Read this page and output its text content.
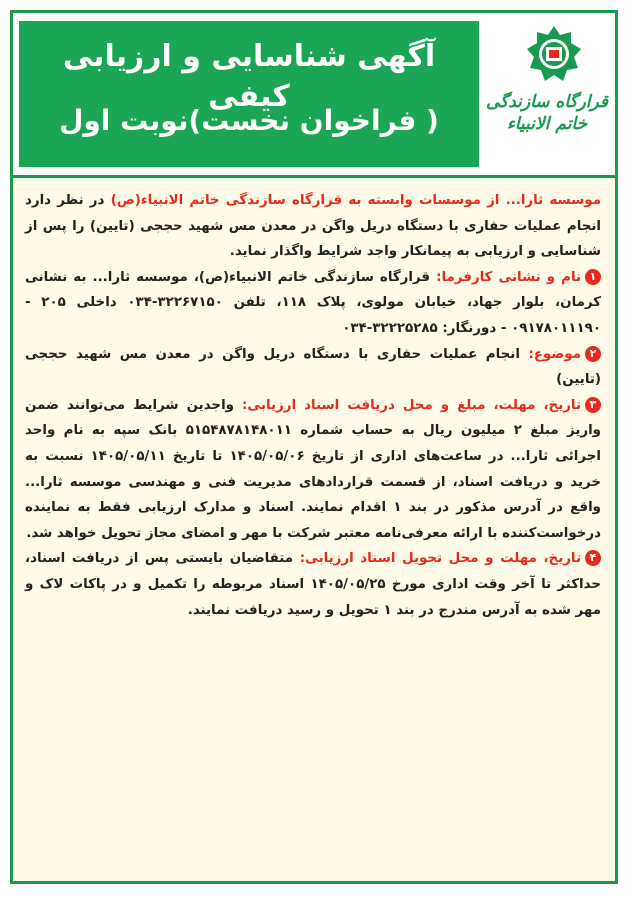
آگهی شناسایی و ارزیابی کیفی
( فراخوان نخست)نوبت اول
قرارگاه سازندگی خاتم الانبیاء

موسسه ثارا... از موسسات وابسته به قرارگاه سازندگی خاتم الانبیاء(ص) در نظر دارد انجام عملیات حفاری با دستگاه دریل واگن در معدن مس شهید حججی (تایین) را پس از شناسایی و ارزیابی به پیمانکار واجد شرایط واگذار نماید.

۱نام و نشانی کارفرما: قرارگاه سازندگی خاتم الانبیاء(ص)، موسسه ثارا... به نشانی کرمان، بلوار جهاد، خیابان مولوی، پلاک ۱۱۸، تلفن ۳۲۲۶۷۱۵۰-۰۳۴ داخلی ۲۰۵ - ۰۹۱۷۸۰۱۱۱۹۰ - دورنگار: ۳۲۲۲۵۲۸۵-۰۳۴

۲موضوع: انجام عملیات حفاری با دستگاه دریل واگن در معدن مس شهید حججی (تایین)

۳تاریخ، مهلت، مبلغ و محل دریافت اسناد ارزیابی: واجدین شرایط می‌توانند ضمن واریز مبلغ ۲ میلیون ریال به حساب شماره ۵۱۵۴۸۷۸۱۴۸۰۱۱ بانک سپه به نام واحد اجرائی ثارا... در ساعت‌های اداری از تاریخ ۱۴۰۵/۰۵/۰۶ تا تاریخ ۱۴۰۵/۰۵/۱۱ نسبت به خرید و دریافت اسناد، از قسمت قراردادهای مدیریت فنی و مهندسی موسسه ثارا... واقع در آدرس مذکور در بند ۱ اقدام نمایند. اسناد و مدارک ارزیابی فقط به نماینده درخواست‌کننده با ارائه معرفی‌نامه معتبر شرکت با مهر و امضای مجاز تحویل خواهد شد.

۴تاریخ، مهلت و محل تحویل اسناد ارزیابی: متقاضیان بایستی پس از دریافت اسناد، حداکثر تا آخر وقت اداری مورخ ۱۴۰۵/۰۵/۲۵ اسناد مربوطه را تکمیل و در پاکات لاک و مهر شده به آدرس مندرج در بند ۱ تحویل و رسید دریافت نمایند.
